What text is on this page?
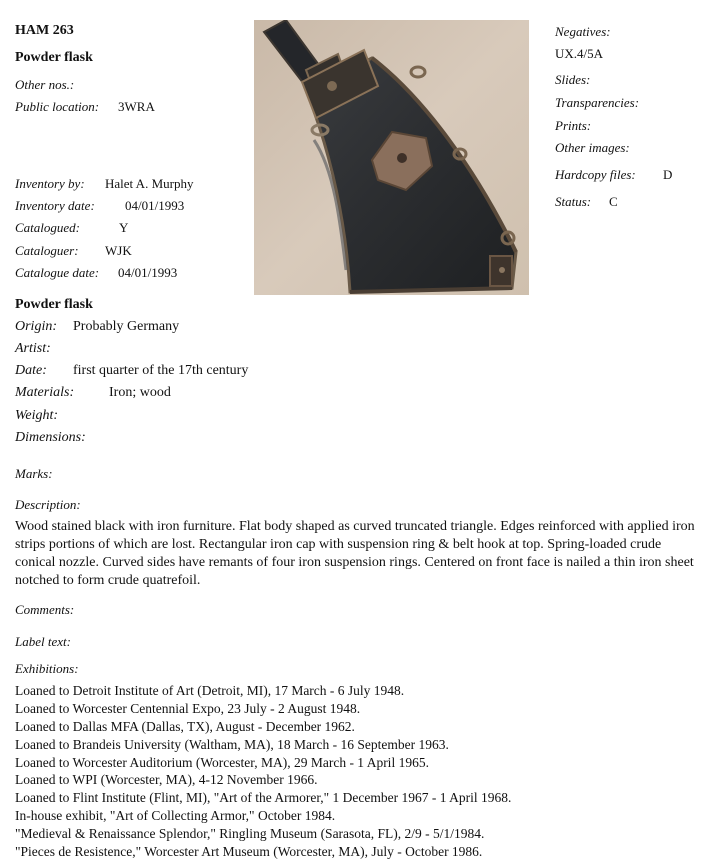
HAM 263
Powder flask
Other nos.:
Public location: 3WRA
Inventory by: Halet A. Murphy
Inventory date: 04/01/1993
Catalogued:	Y
Cataloguer: WJK
Catalogue date: 04/01/1993
Negatives:
UX.4/5A
Slides:
Transparencies:
Prints:
Other images:
Hardcopy files: D
Status: C
Powder flask
Origin: Probably Germany
Artist:
Date: first quarter of the 17th century
Materials: Iron; wood
Weight:
Dimensions:
Marks:
Description:
Wood stained black with iron furniture. Flat body shaped as curved truncated triangle. Edges reinforced with applied iron strips portions of which are lost. Rectangular iron cap with suspension ring & belt hook at top. Spring-loaded crude conical nozzle. Curved sides have remants of four iron suspension rings. Centered on front face is nailed a thin iron sheet notched to form crude quatrefoil.
Comments:
Label text:
Exhibitions:
Loaned to Detroit Institute of Art (Detroit, MI), 17 March - 6 July 1948.
Loaned to Worcester Centennial Expo, 23 July - 2 August 1948.
Loaned to Dallas MFA (Dallas, TX), August - December 1962.
Loaned to Brandeis University (Waltham, MA), 18 March - 16 September 1963.
Loaned to Worcester Auditorium (Worcester, MA), 29 March - 1 April 1965.
Loaned to WPI (Worcester, MA), 4-12 November 1966.
Loaned to Flint Institute (Flint, MI), "Art of the Armorer," 1 December 1967 - 1 April 1968.
In-house exhibit, "Art of Collecting Armor," October 1984.
"Medieval & Renaissance Splendor," Ringling Museum (Sarasota, FL), 2/9 - 5/1/1984.
"Pieces de Resistence," Worcester Art Museum (Worcester, MA), July - October 1986.
